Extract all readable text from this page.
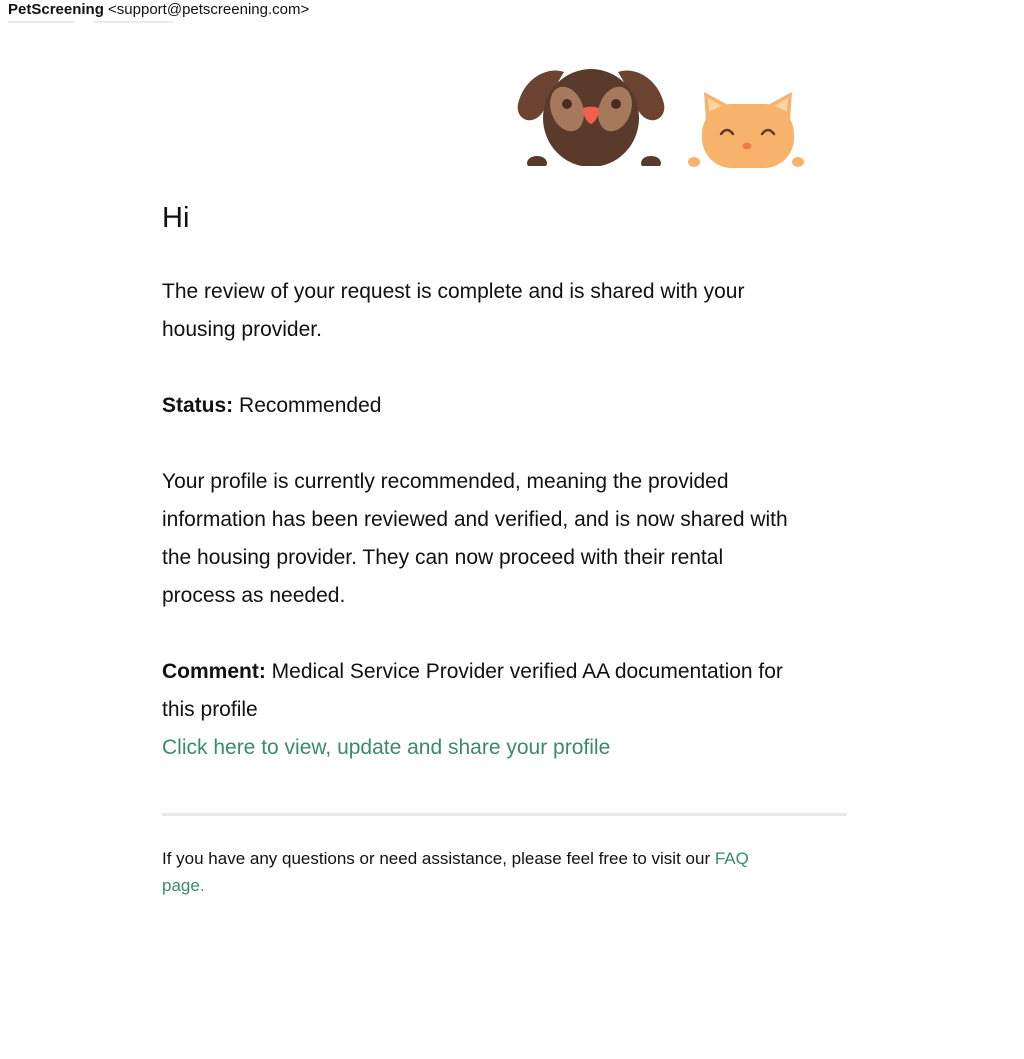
PetScreening <support@petscreening.com>

Hi

The review of your request is complete and is shared with your
housing provider.

Status: Recommended

Your profile is currently recommended, meaning the provided
information has been reviewed and verified, and is now shared with
the housing provider. They can now proceed with their rental
process as needed.

Comment: Medical Service Provider verified AA documentation for
this profile

Click here to view, update and share your profile

If you have any questions or need assistance, please feel free to visit our FAQ
page.
